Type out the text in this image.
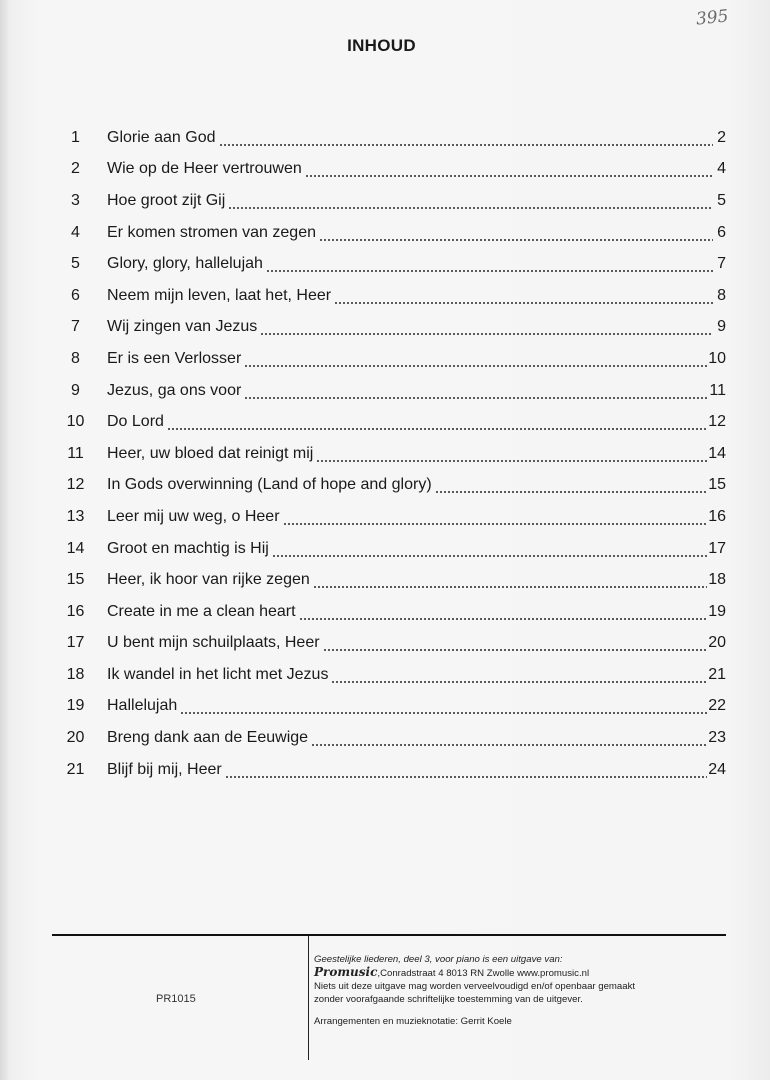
395
INHOUD
1	Glorie aan God	2
2	Wie op de Heer vertrouwen	4
3	Hoe groot zijt Gij	5
4	Er komen stromen van zegen	6
5	Glory, glory, hallelujah	7
6	Neem mijn leven, laat het, Heer	8
7	Wij zingen van Jezus	9
8	Er is een Verlosser	10
9	Jezus, ga ons voor	11
10	Do Lord	12
11	Heer, uw bloed dat reinigt mij	14
12	In Gods overwinning (Land of hope and glory)	15
13	Leer mij uw weg, o Heer	16
14	Groot en machtig is Hij	17
15	Heer, ik hoor van rijke zegen	18
16	Create in me a clean heart	19
17	U bent mijn schuilplaats, Heer	20
18	Ik wandel in het licht met Jezus	21
19	Hallelujah	22
20	Breng dank aan de Eeuwige	23
21	Blijf bij mij, Heer	24
PR1015

Geestelijke liederen, deel 3, voor piano is een uitgave van:

Promusic,Conradstraat 4 8013 RN Zwolle www.promusic.nl

Niets uit deze uitgave mag worden verveelvoudigd en/of openbaar gemaakt

zonder voorafgaande schriftelijke toestemming van de uitgever.

Arrangementen en muzieknotatie: Gerrit Koele
